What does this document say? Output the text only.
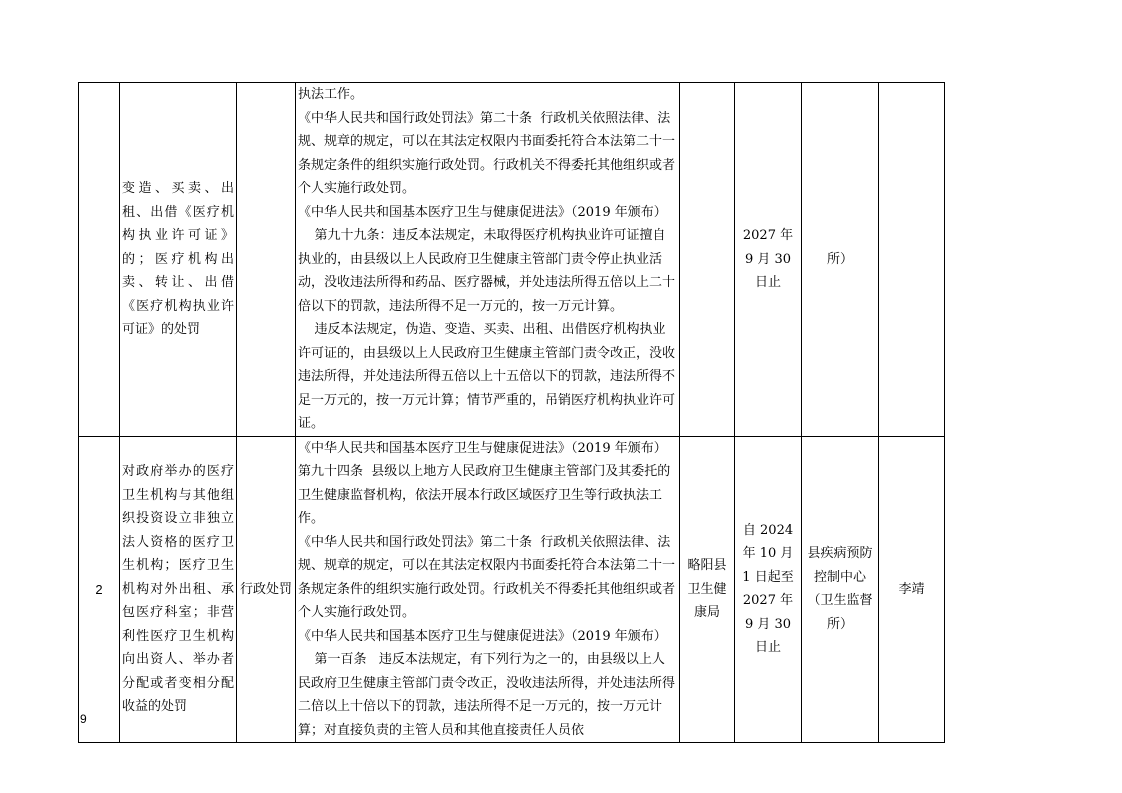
	变造、买卖、出租、出借《医疗机构执业许可证》的；医疗机构出卖、转让、出借《医疗机构执业许可证》的处罚		执法工作。
《中华人民共和国行政处罚法》第二十条  行政机关依照法律、法规、规章的规定，可以在其法定权限内书面委托符合本法第二十一条规定条件的组织实施行政处罚。行政机关不得委托其他组织或者个人实施行政处罚。
《中华人民共和国基本医疗卫生与健康促进法》（2019 年颁布）
第九十九条：违反本法规定，未取得医疗机构执业许可证擅自执业的，由县级以上人民政府卫生健康主管部门责令停止执业活动，没收违法所得和药品、医疗器械，并处违法所得五倍以上二十倍以下的罚款，违法所得不足一万元的，按一万元计算。
违反本法规定，伪造、变造、买卖、出租、出借医疗机构执业许可证的，由县级以上人民政府卫生健康主管部门责令改正，没收违法所得，并处违法所得五倍以上十五倍以下的罚款，违法所得不足一万元的，按一万元计算；情节严重的，吊销医疗机构执业许可证。		2027 年 9 月 30 日止	所）	
2	对政府举办的医疗卫生机构与其他组织投资设立非独立法人资格的医疗卫生机构；医疗卫生机构对外出租、承包医疗科室；非营利性医疗卫生机构向出资人、举办者分配或者变相分配收益的处罚	行政处罚	《中华人民共和国基本医疗卫生与健康促进法》（2019 年颁布）第九十四条  县级以上地方人民政府卫生健康主管部门及其委托的卫生健康监督机构，依法开展本行政区域医疗卫生等行政执法工作。
《中华人民共和国行政处罚法》第二十条  行政机关依照法律、法规、规章的规定，可以在其法定权限内书面委托符合本法第二十一条规定条件的组织实施行政处罚。行政机关不得委托其他组织或者个人实施行政处罚。
《中华人民共和国基本医疗卫生与健康促进法》（2019 年颁布）
第一百条   违反本法规定，有下列行为之一的，由县级以上人民政府卫生健康主管部门责令改正，没收违法所得，并处违法所得二倍以上十倍以下的罚款，违法所得不足一万元的，按一万元计算；对直接负责的主管人员和其他直接责任人员依	略阳县卫生健康局	自 2024 年 10 月 1 日起至 2027 年 9 月 30 日止	县疾病预防控制中心（卫生监督所）	李靖
9
